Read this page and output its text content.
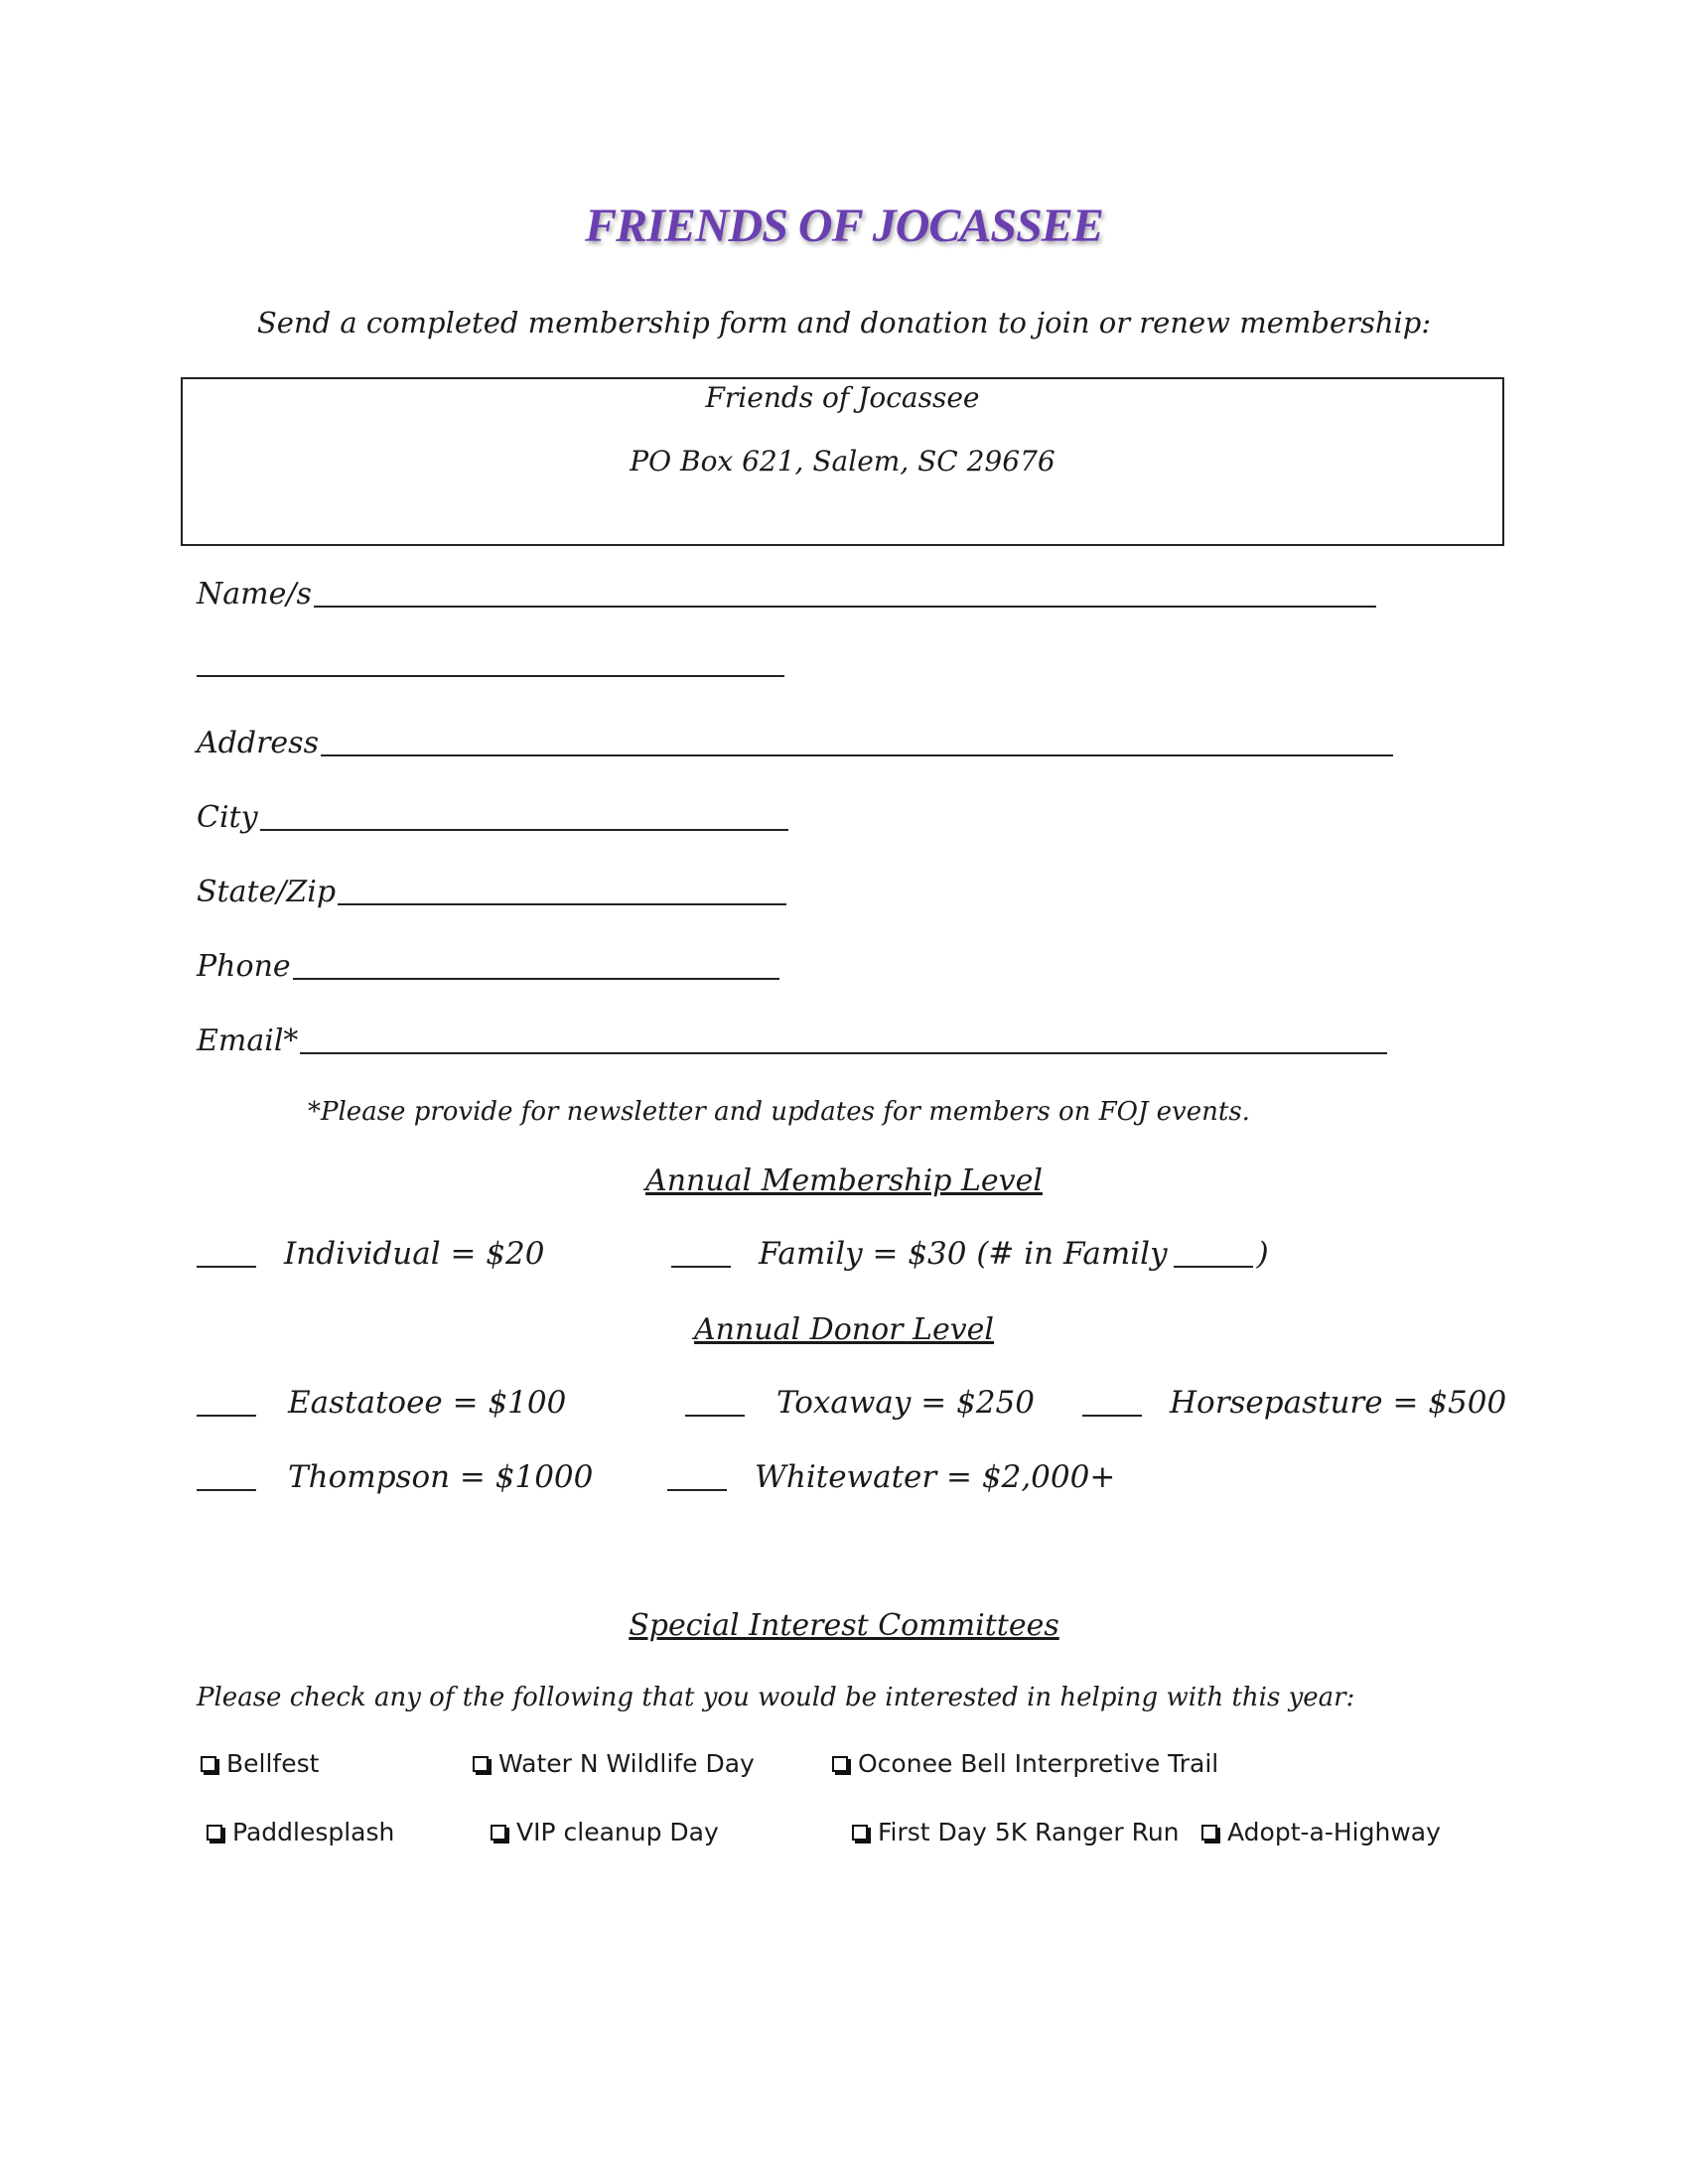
FRIENDS OF JOCASSEE
Send a completed membership form and donation to join or renew membership:
Friends of Jocassee
PO Box 621, Salem, SC 29676
Name/s
Address
City
State/Zip
Phone
Email*
*Please provide for newsletter and updates for members on FOJ events.
Annual Membership Level
Individual = $20	Family = $30 (# in Family	)
Annual Donor Level
Eastatoee = $100	Toxaway = $250	Horsepasture = $500
Thompson = $1000	Whitewater = $2,000+
Special Interest Committees
Please check any of the following that you would be interested in helping with this year:
Bellfest	Water N Wildlife Day	Oconee Bell Interpretive Trail
Paddlesplash	VIP cleanup Day	First Day 5K Ranger Run Adopt-a-Highway
